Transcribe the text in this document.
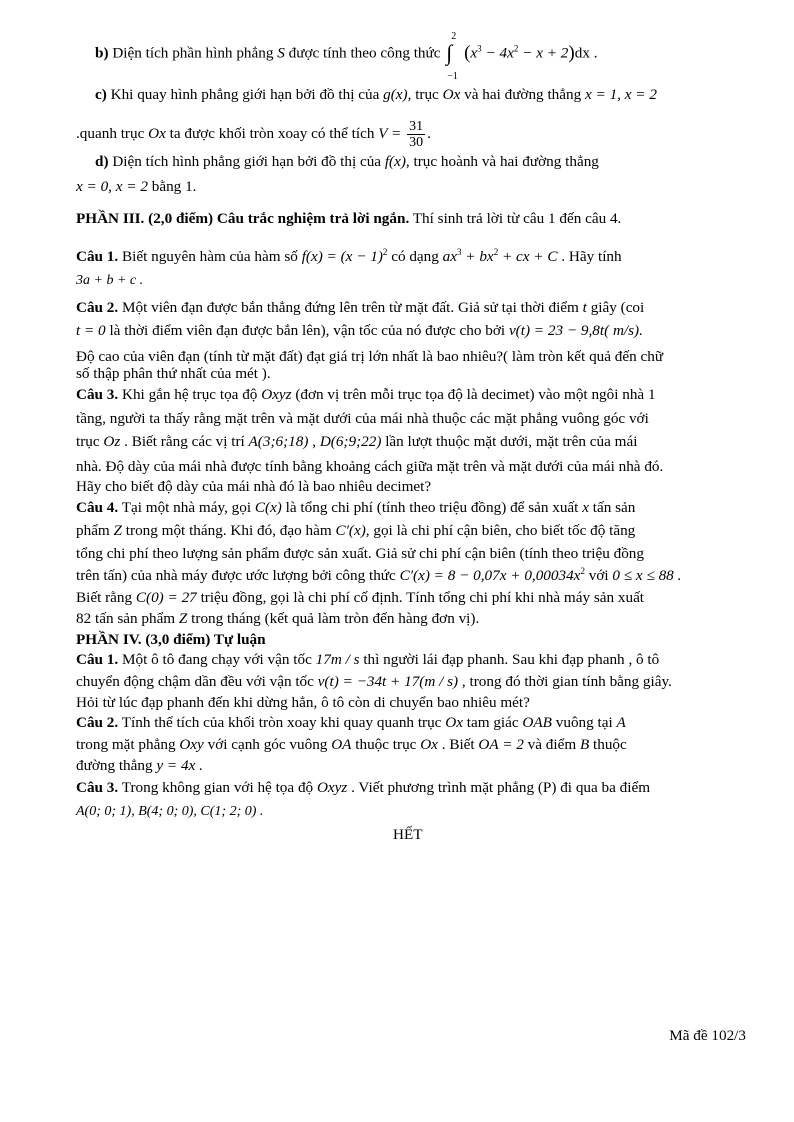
b) Diện tích phần hình phẳng S được tính theo công thức ∫
2
−1
$(x^3 - 4x^2 - x + 2)dx$ .
c) Khi quay hình phẳng giới hạn bởi đồ thị của g(x), trục Ox và hai đường thẳng x = 1, x = 2
.quanh trục Ox ta được khối tròn xoay có thể tích $V = \frac{31}{30}$ .
d) Diện tích hình phẳng giới hạn bởi đồ thị của f(x), trục hoành và hai đường thẳng
x = 0, x = 2 bằng 1.
PHẦN III. (2,0 điểm) Câu trắc nghiệm trả lời ngắn. Thí sinh trả lời từ câu 1 đến câu 4.
Câu 1. Biết nguyên hàm của hàm số $f(x) = (x - 1)^2$ có dạng $ax^3 + bx^2$ + cx + C . Hãy tính
3a + b + c .
Câu 2. Một viên đạn được bắn thẳng đứng lên trên từ mặt đất. Giả sử tại thời điểm t giây (coi
t = 0 là thời điểm viên đạn được bắn lên), vận tốc của nó được cho bởi v(t) = 23 − 9,8t( m/s).
Độ cao của viên đạn (tính từ mặt đất) đạt giá trị lớn nhất là bao nhiêu?( làm tròn kết quả đến chữ
số thập phân thứ nhất của mét ).
Câu 3. Khi gắn hệ trục tọa độ Oxyz (đơn vị trên mỗi trục tọa độ là decimet) vào một ngôi nhà 1
tầng, người ta thấy rằng mặt trên và mặt dưới của mái nhà thuộc các mặt phẳng vuông góc với
trục Oz . Biết rằng các vị trí A(3;6;18) , D(6;9;22) lần lượt thuộc mặt dưới, mặt trên của mái
nhà. Độ dày của mái nhà được tính bằng khoảng cách giữa mặt trên và mặt dưới của mái nhà đó.
Hãy cho biết độ dày của mái nhà đó là bao nhiêu decimet?
Câu 4. Tại một nhà máy, gọi C(x) là tổng chi phí (tính theo triệu đồng) để sản xuất x tấn sản
phẩm Z trong một tháng. Khi đó, đạo hàm C′(x), gọi là chi phí cận biên, cho biết tốc độ tăng
tổng chi phí theo lượng sản phẩm được sản xuất. Giả sử chi phí cận biên (tính theo triệu đồng
trên tấn) của nhà máy được ước lượng bởi công thức $C'(x) = 8 - 0,07x + 0,00034x^2$ với 0 ≤ x ≤ 88 .
Biết rằng C(0) = 27 triệu đồng, gọi là chi phí cố định. Tính tổng chi phí khi nhà máy sản xuất
82 tấn sản phẩm Z trong tháng (kết quả làm tròn đến hàng đơn vị).
PHẦN IV. (3,0 điểm) Tự luận
Câu 1. Một ô tô đang chạy với vận tốc 17m / s thì người lái đạp phanh. Sau khi đạp phanh , ô tô
chuyển động chậm dần đều với vận tốc v(t) = −34t + 17(m / s) , trong đó thời gian tính bằng giây.
Hỏi từ lúc đạp phanh đến khi dừng hẳn, ô tô còn di chuyển bao nhiêu mét?
Câu 2. Tính thể tích của khối tròn xoay khi quay quanh trục Ox tam giác OAB vuông tại A
trong mặt phẳng Oxy với cạnh góc vuông OA thuộc trục Ox . Biết OA = 2 và điểm B thuộc
đường thẳng y = 4x .
Câu 3. Trong không gian với hệ tọa độ Oxyz . Viết phương trình mặt phẳng (P) đi qua ba điểm
A(0; 0; 1), B(4; 0; 0), C(1; 2; 0) .
HẾT
Mã đề 102/3
